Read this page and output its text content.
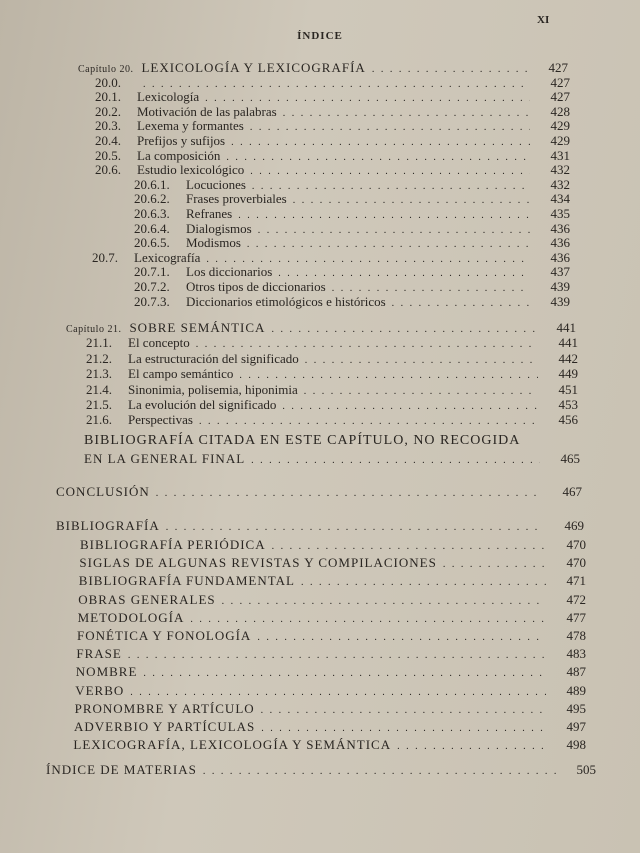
ÍNDICE
XI
Capítulo 20. LEXICOLOGÍA Y LEXICOGRAFÍA . . .	427
20.0. . . .	427
20.1.	Lexicología . . .	427
20.2.	Motivación de las palabras . . .	428
20.3.	Lexema y formantes . . .	429
20.4.	Prefijos y sufijos . . .	429
20.5.	La composición . . .	431
20.6.	Estudio lexicológico . . .	432
20.6.1.	Locuciones . . .	432
20.6.2.	Frases proverbiales . . .	434
20.6.3.	Refranes . . .	435
20.6.4.	Dialogismos . . .	436
20.6.5.	Modismos . . .	436
20.7.	Lexicografía . . .	436
20.7.1.	Los diccionarios . . .	437
20.7.2.	Otros tipos de diccionarios . . .	439
20.7.3.	Diccionarios etimológicos e históricos . . .	439
Capítulo 21. SOBRE SEMÁNTICA . . .	441
21.1.	El concepto . . .	441
21.2.	La estructuración del significado . . .	442
21.3.	El campo semántico . . .	449
21.4.	Sinonimia, polisemia, hiponimia . . .	451
21.5.	La evolución del significado . . .	453
21.6.	Perspectivas . . .	456
BIBLIOGRAFÍA CITADA EN ESTE CAPÍTULO, NO RECOGIDA
EN LA GENERAL FINAL . . .	465
CONCLUSIÓN . . .	467
BIBLIOGRAFÍA . . .	469
BIBLIOGRAFÍA PERIÓDICA . . .	470
SIGLAS DE ALGUNAS REVISTAS Y COMPILACIONES . . .	470
BIBLIOGRAFÍA FUNDAMENTAL . . .	471
OBRAS GENERALES . . .	472
METODOLOGÍA . . .	477
FONÉTICA Y FONOLOGÍA . . .	478
FRASE . . .	483
NOMBRE . . .	487
VERBO . . .	489
PRONOMBRE Y ARTÍCULO . . .	495
ADVERBIO Y PARTÍCULAS . . .	497
LEXICOGRAFÍA, LEXICOLOGÍA Y SEMÁNTICA . . .	498
ÍNDICE DE MATERIAS . . .	505
